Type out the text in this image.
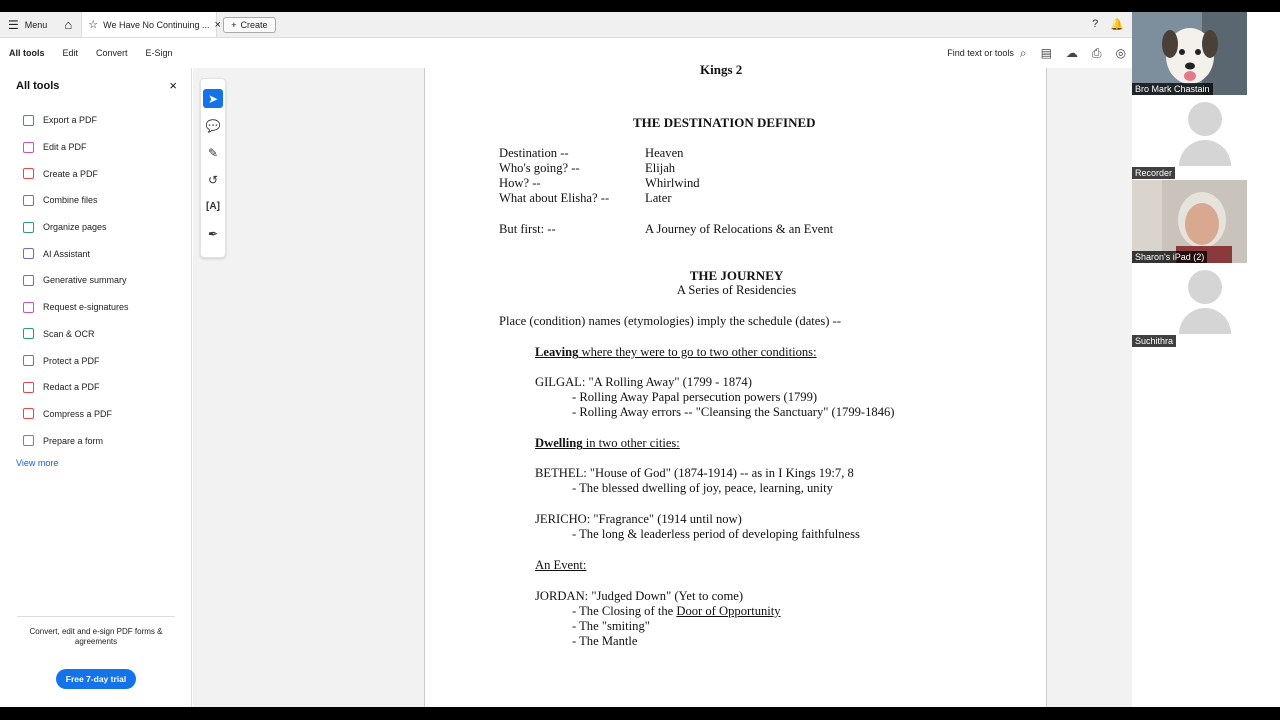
☰ Menu	⌂	☆ We Have No Continuing ... × + Create	? 🔔
All tools	Edit	Convert	E-Sign	Find text or tools ⌕ ▤ ☁ ⎙ ◎
All tools	×
Export a PDF
Edit a PDF
Create a PDF
Combine files
Organize pages
AI Assistant
Generative summary
Request e-signatures
Scan & OCR
Protect a PDF
Redact a PDF
Compress a PDF
Prepare a form
View more
Convert, edit and e-sign PDF forms & agreements
Free 7-day trial
Kings 2
THE DESTINATION DEFINED
Destination --	Heaven
Who's going? --	Elijah
How? --	Whirlwind
What about Elisha? --	Later
But first: --	A Journey of Relocations & an Event
THE JOURNEY
A Series of Residencies
Place (condition) names (etymologies) imply the schedule (dates) --
Leaving where they were to go to two other conditions:
GILGAL: "A Rolling Away" (1799 - 1874)
- Rolling Away Papal persecution powers (1799)
- Rolling Away errors -- "Cleansing the Sanctuary" (1799-1846)
Dwelling in two other cities:
BETHEL: "House of God" (1874-1914) -- as in I Kings 19:7, 8
- The blessed dwelling of joy, peace, learning, unity
JERICHO: "Fragrance" (1914 until now)
- The long & leaderless period of developing faithfulness
An Event:
JORDAN: "Judged Down" (Yet to come)
- The Closing of the Door of Opportunity
- The "smiting"
- The Mantle
➤
💬
✎
↺
[A]
✒
Bro Mark Chastain
Recorder
Sharon's iPad (2)
Suchithra
